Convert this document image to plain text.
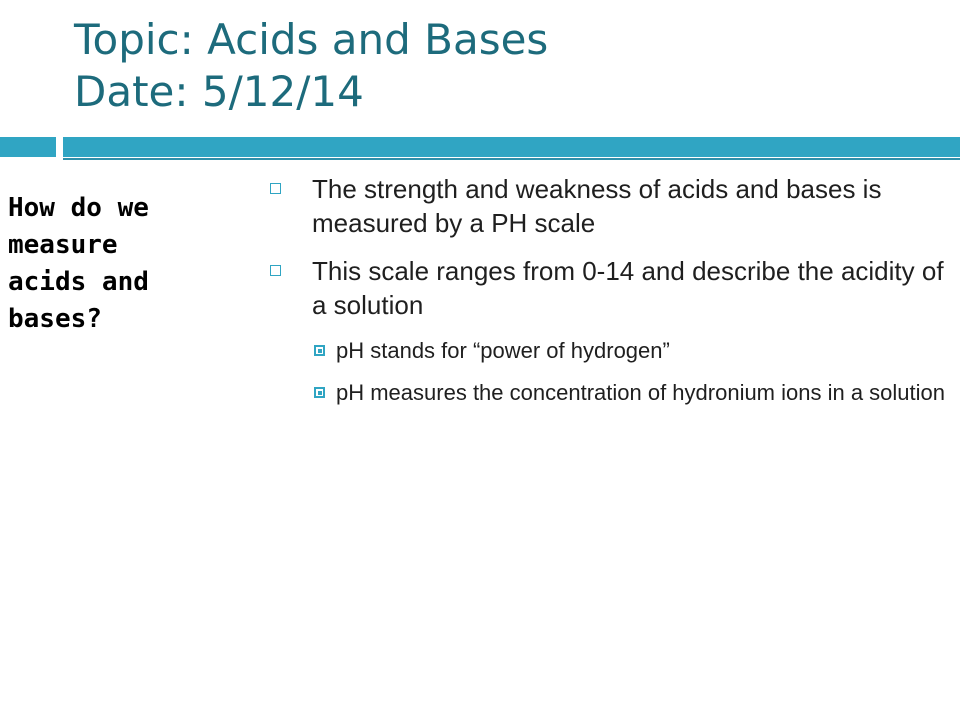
Topic: Acids and Bases
Date: 5/12/14

How do we
measure
acids and
bases?

The strength and weakness of acids and bases is measured by a PH scale
This scale ranges from 0-14 and describe the acidity of a solution
pH stands for “power of hydrogen”
pH measures the concentration of hydronium ions in a solution
